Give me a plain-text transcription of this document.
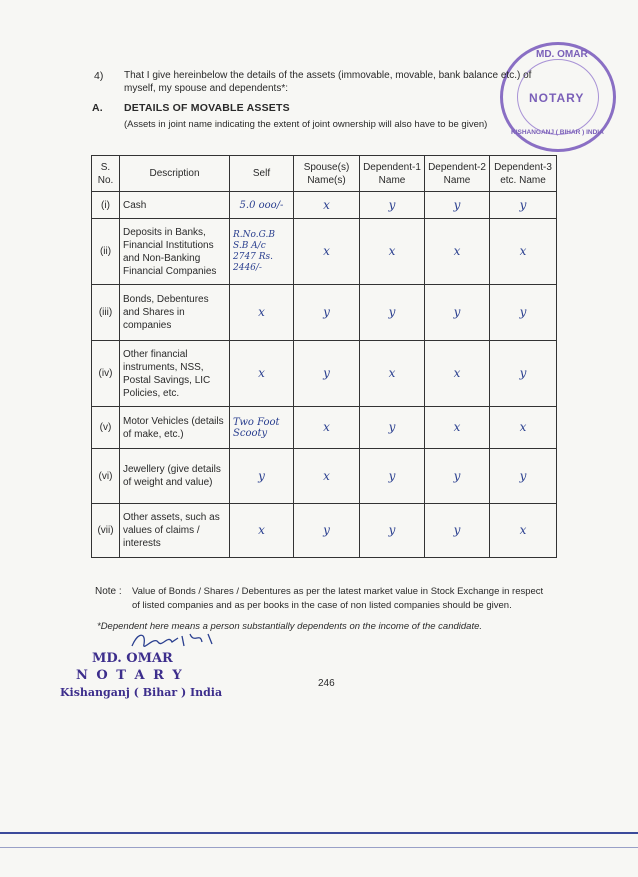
MD. OMAR
NOTARY
KISHANGANJ ( BIHAR ) INDIA
4) That I give hereinbelow the details of the assets (immovable, movable, bank balance etc.) of
myself, my spouse and dependents*:
A. DETAILS OF MOVABLE ASSETS
(Assets in joint name indicating the extent of joint ownership will also have to be given)
S. No.	Description	Self	Spouse(s) Name(s)	Dependent-1 Name	Dependent-2 Name	Dependent-3 etc. Name
(i)	Cash	5.0 ooo/-	x	y	y	y
(ii)	Deposits in Banks, Financial Institutions and Non-Banking Financial Companies	R.No.G.B S.B A/c 2747 Rs. 2446/-	x	x	x	x
(iii)	Bonds, Debentures and Shares in companies	x	y	y	y	y
(iv)	Other financial instruments, NSS, Postal Savings, LIC Policies, etc.	x	y	x	x	y
(v)	Motor Vehicles (details of make, etc.)	Two Foot Scooty	x	y	x	x
(vi)	Jewellery (give details of weight and value)	y	x	y	y	y
(vii)	Other assets, such as values of claims / interests	x	y	y	y	x
Note : Value of Bonds / Shares / Debentures as per the latest market value in Stock Exchange in respect
of listed companies and as per books in the case of non listed companies should be given.
*Dependent here means a person substantially dependents on the income of the candidate.
MD. OMAR
N O T A R Y
Kishanganj ( Bihar ) India
246
